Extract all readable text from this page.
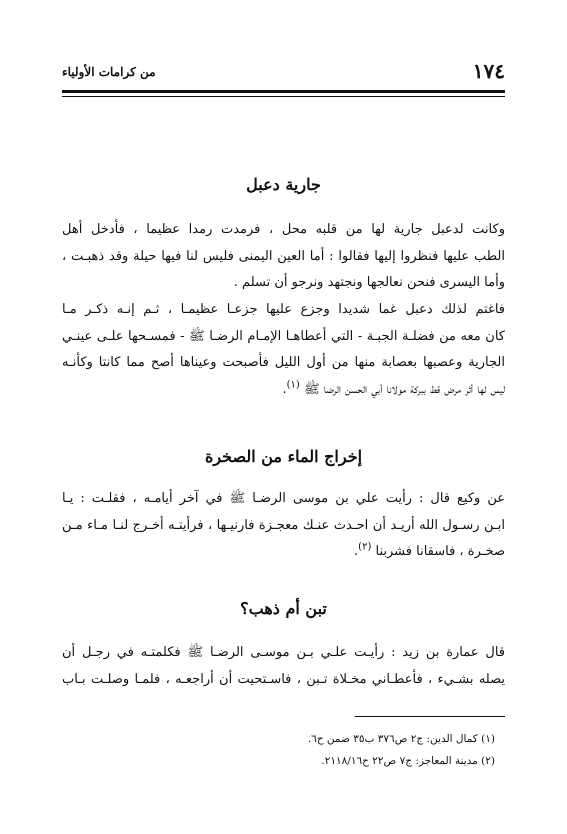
١٧٤
من كرامات الأولياء
جارية دعبل
وكانت لدعبل جارية لها من قلبه محل ، فرمدت رمدا عظيما ، فأدخل أهل
الطب عليها فنظروا إليها فقالوا : أما العين اليمنى فليس لنا فيها حيلة وقد ذهبـت ،
وأما اليسرى فنحن نعالجها ونجتهد ونرجو أن تسلم .
فاغتم لذلك دعبل غما شديدا وجزع عليها جزعـا عظيمـا ، ثـم إنـه ذكـر مـا
كان معه من فضلـة الجبـة - التي أعطاهـا الإمـام الرضـا ﷺ - فمسـحها علـى عينـي
الجارية وعصبها بعصابة منها من أول الليل فأصبحت وعيناها أصح مما كانتا وكأنـه
ليس لها أثر مرض قط ببركة مولانا أبي الحسن الرضا ﷺ $^{(١)}$.
إخراج الماء من الصخرة
عن وكيع قال : رأيت علي بن موسى الرضـا ﷺ في آخر أيامـه ، فقلـت : يـا
ابـن رسـول الله أريـد أن احـدث عنـك معجـزة فارنيـها ، فرأيتـه أخـرج لنـا مـاء مـن
صخـرة ، فاسقانا فشربنا $^{(٢)}$.
تبن أم ذهب؟
قال عمارة بن زيد : رأيـت علـي بـن موسـى الرضـا ﷺ فكلمتـه في رجـل أن
يصله بشـيء ، فأعطـاني مخـلاة تـبن ، فاسـتحيت أن أراجعـه ، فلمـا وصلـت بـاب
(١) كمال الدين: ج٢ ص٣٧٦ ب٣٥ ضمن ح٦.
(٢) مدينة المعاجز: ج٧ ص٢٢ ح٢١١٨/١٦.
